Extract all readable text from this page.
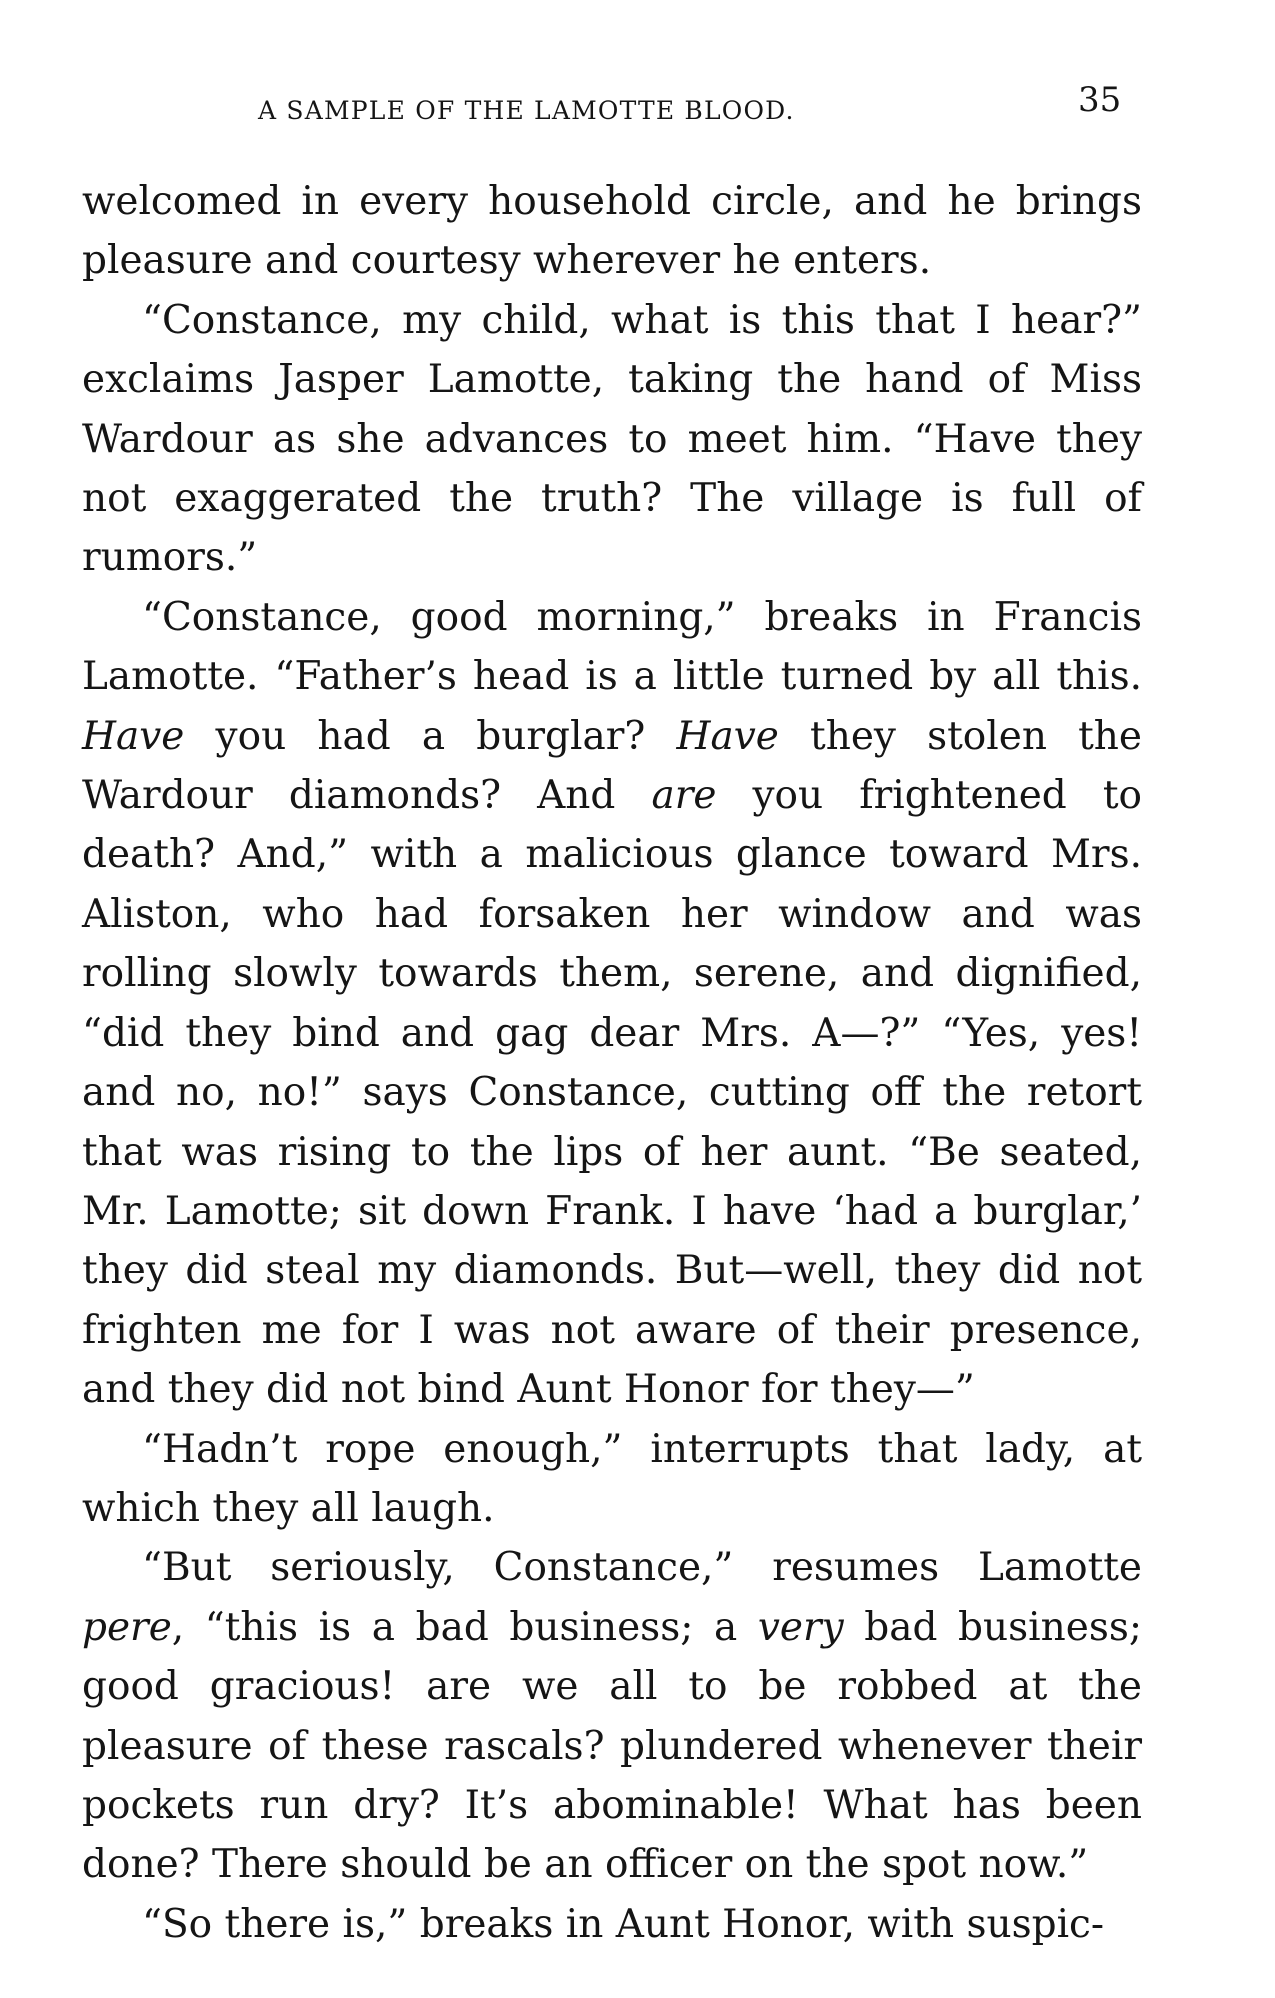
A SAMPLE OF THE LAMOTTE BLOOD.	35

welcomed in every household circle, and he brings pleasure and courtesy wherever he enters.

“Constance, my child, what is this that I hear?” exclaims Jasper Lamotte, taking the hand of Miss Wardour as she advances to meet him. “Have they not exaggerated the truth? The village is full of rumors.”

“Constance, good morning,” breaks in Francis Lamotte. “Father’s head is a little turned by all this. Have you had a burglar? Have they stolen the Wardour diamonds? And are you frightened to death? And,” with a malicious glance toward Mrs. Aliston, who had forsaken her window and was rolling slowly towards them, serene, and dignified, “did they bind and gag dear Mrs. A—?” “Yes, yes! and no, no!” says Constance, cutting off the retort that was rising to the lips of her aunt. “Be seated, Mr. Lamotte; sit down Frank. I have ‘had a burglar,’ they did steal my diamonds. But—well, they did not frighten me for I was not aware of their presence, and they did not bind Aunt Honor for they—”

“Hadn’t rope enough,” interrupts that lady, at which they all laugh.

“But seriously, Constance,” resumes Lamotte pere, “this is a bad business; a very bad business; good gracious! are we all to be robbed at the pleasure of these rascals? plundered whenever their pockets run dry? It’s abominable! What has been done? There should be an officer on the spot now.”

“So there is,” breaks in Aunt Honor, with suspic-
